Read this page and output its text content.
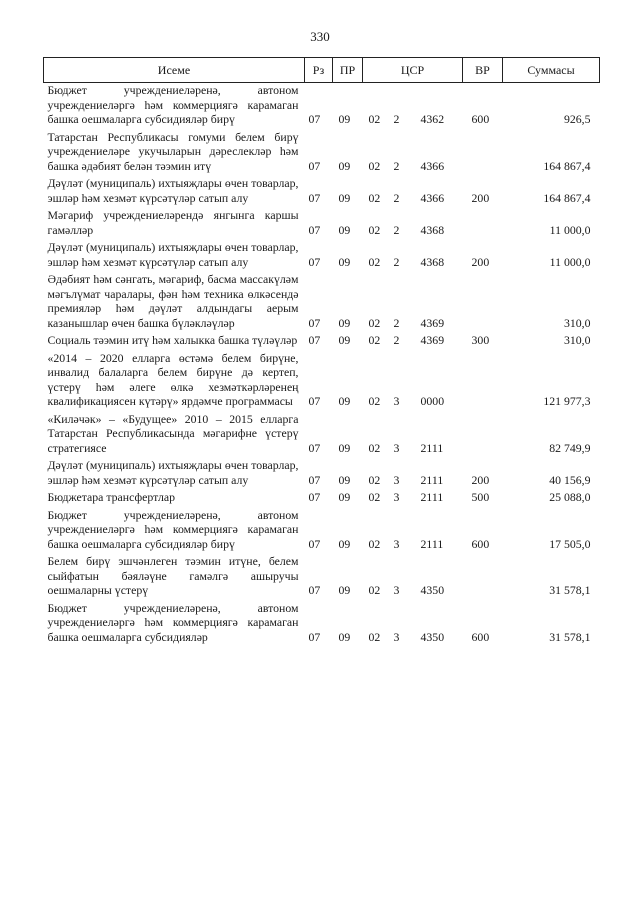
330
Исеме	Рз	ПР	ЦСР			ВР	Суммасы
Бюджет учреждениеләренә, автоном учреждениеләргә һәм коммерциягә карамаган башка оешмаларга субсидияләр бирү	07	09	02	2	4362	600	926,5
Татарстан Республикасы гомуми белем бирү учреждениеләре укучыларын дәреслекләр һәм башка әдәбият белән тәэмин итү	07	09	02	2	4366		164 867,4
Дәүләт (муниципаль) ихтыяҗлары өчен товарлар, эшләр һәм хезмәт күрсәтүләр сатып алу	07	09	02	2	4366	200	164 867,4
Мәгариф учреждениеләрендә янгынга каршы гамәлләр	07	09	02	2	4368		11 000,0
Дәүләт (муниципаль) ихтыяҗлары өчен товарлар, эшләр һәм хезмәт күрсәтүләр сатып алу	07	09	02	2	4368	200	11 000,0
Әдәбият һәм сәнгать, мәгариф, басма массакүләм мәгълүмат чаралары, фән һәм техника өлкәсендә премияләр һәм дәүләт алдындагы аерым казанышлар өчен башка бүләкләүләр	07	09	02	2	4369		310,0
Социаль тәэмин итү һәм халыкка башка түләүләр	07	09	02	2	4369	300	310,0
«2014 – 2020 елларга өстәмә белем бирүне, инвалид балаларга белем бирүне дә кертеп, үстерү һәм әлеге өлкә хезмәткәрләренең квалификациясен күтәрү» ярдәмче программасы	07	09	02	3	0000		121 977,3
«Киләчәк» – «Будущее» 2010 – 2015 елларга Татарстан Республикасында мәгарифне үстерү стратегиясе	07	09	02	3	2111		82 749,9
Дәүләт (муниципаль) ихтыяҗлары өчен товарлар, эшләр һәм хезмәт күрсәтүләр сатып алу	07	09	02	3	2111	200	40 156,9
Бюджетара трансфертлар	07	09	02	3	2111	500	25 088,0
Бюджет учреждениеләренә, автоном учреждениеләргә һәм коммерциягә карамаган башка оешмаларга субсидияләр бирү	07	09	02	3	2111	600	17 505,0
Белем бирү эшчәнлеген тәэмин итүне, белем сыйфатын бәяләүне гамәлгә ашыручы оешмаларны үстерү	07	09	02	3	4350		31 578,1
Бюджет учреждениеләренә, автоном учреждениеләргә һәм коммерциягә карамаган башка оешмаларга субсидияләр	07	09	02	3	4350	600	31 578,1
